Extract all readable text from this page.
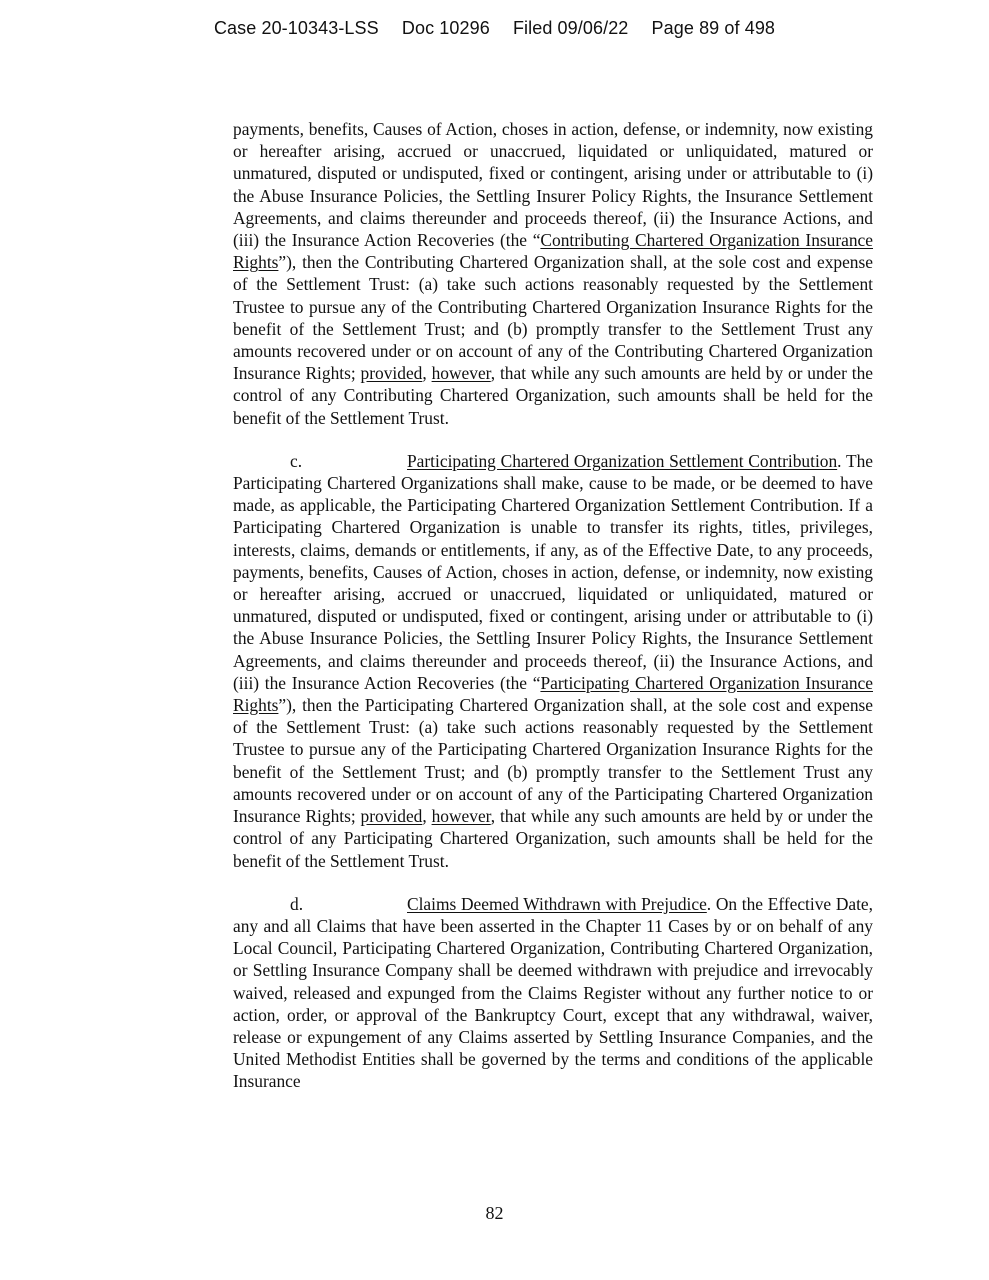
Case 20-10343-LSS Doc 10296 Filed 09/06/22 Page 89 of 498

payments, benefits, Causes of Action, choses in action, defense, or indemnity, now existing or hereafter arising, accrued or unaccrued, liquidated or unliquidated, matured or unmatured, disputed or undisputed, fixed or contingent, arising under or attributable to (i) the Abuse Insurance Policies, the Settling Insurer Policy Rights, the Insurance Settlement Agreements, and claims thereunder and proceeds thereof, (ii) the Insurance Actions, and (iii) the Insurance Action Recoveries (the “Contributing Chartered Organization Insurance Rights”), then the Contributing Chartered Organization shall, at the sole cost and expense of the Settlement Trust: (a) take such actions reasonably requested by the Settlement Trustee to pursue any of the Contributing Chartered Organization Insurance Rights for the benefit of the Settlement Trust; and (b) promptly transfer to the Settlement Trust any amounts recovered under or on account of any of the Contributing Chartered Organization Insurance Rights; provided, however, that while any such amounts are held by or under the control of any Contributing Chartered Organization, such amounts shall be held for the benefit of the Settlement Trust.

c.	Participating Chartered Organization Settlement Contribution. The Participating Chartered Organizations shall make, cause to be made, or be deemed to have made, as applicable, the Participating Chartered Organization Settlement Contribution. If a Participating Chartered Organization is unable to transfer its rights, titles, privileges, interests, claims, demands or entitlements, if any, as of the Effective Date, to any proceeds, payments, benefits, Causes of Action, choses in action, defense, or indemnity, now existing or hereafter arising, accrued or unaccrued, liquidated or unliquidated, matured or unmatured, disputed or undisputed, fixed or contingent, arising under or attributable to (i) the Abuse Insurance Policies, the Settling Insurer Policy Rights, the Insurance Settlement Agreements, and claims thereunder and proceeds thereof, (ii) the Insurance Actions, and (iii) the Insurance Action Recoveries (the “Participating Chartered Organization Insurance Rights”), then the Participating Chartered Organization shall, at the sole cost and expense of the Settlement Trust: (a) take such actions reasonably requested by the Settlement Trustee to pursue any of the Participating Chartered Organization Insurance Rights for the benefit of the Settlement Trust; and (b) promptly transfer to the Settlement Trust any amounts recovered under or on account of any of the Participating Chartered Organization Insurance Rights; provided, however, that while any such amounts are held by or under the control of any Participating Chartered Organization, such amounts shall be held for the benefit of the Settlement Trust.

d.	Claims Deemed Withdrawn with Prejudice. On the Effective Date, any and all Claims that have been asserted in the Chapter 11 Cases by or on behalf of any Local Council, Participating Chartered Organization, Contributing Chartered Organization, or Settling Insurance Company shall be deemed withdrawn with prejudice and irrevocably waived, released and expunged from the Claims Register without any further notice to or action, order, or approval of the Bankruptcy Court, except that any withdrawal, waiver, release or expungement of any Claims asserted by Settling Insurance Companies, and the United Methodist Entities shall be governed by the terms and conditions of the applicable Insurance

82
